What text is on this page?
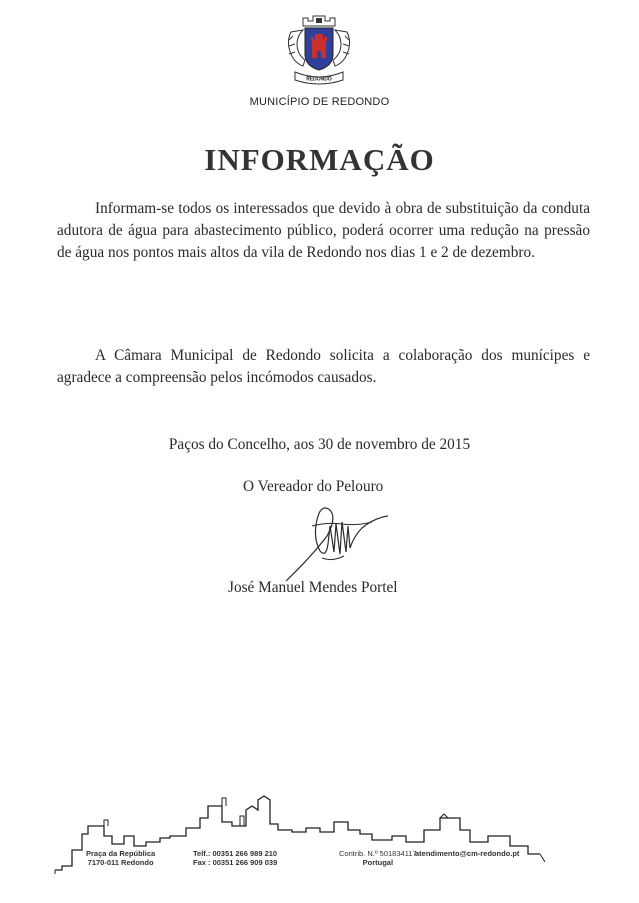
REDONDO
MUNICÍPIO DE REDONDO
INFORMAÇÃO
Informam-se todos os interessados que devido à obra de substituição da conduta adutora de água para abastecimento público, poderá ocorrer uma redução na pressão de água nos pontos mais altos da vila de Redondo nos dias 1 e 2 de dezembro.
A Câmara Municipal de Redondo solicita a colaboração dos munícipes e agradece a compreensão pelos incómodos causados.
Paços do Concelho, aos 30 de novembro de 2015
O Vereador do Pelouro
José Manuel Mendes Portel
Praça da República
7170-011 Redondo
Telf.: 00351 266 989 210
Fax : 00351 266 909 039
Contrib. N.º 501834117
Portugal
atendimento@cm-redondo.pt
